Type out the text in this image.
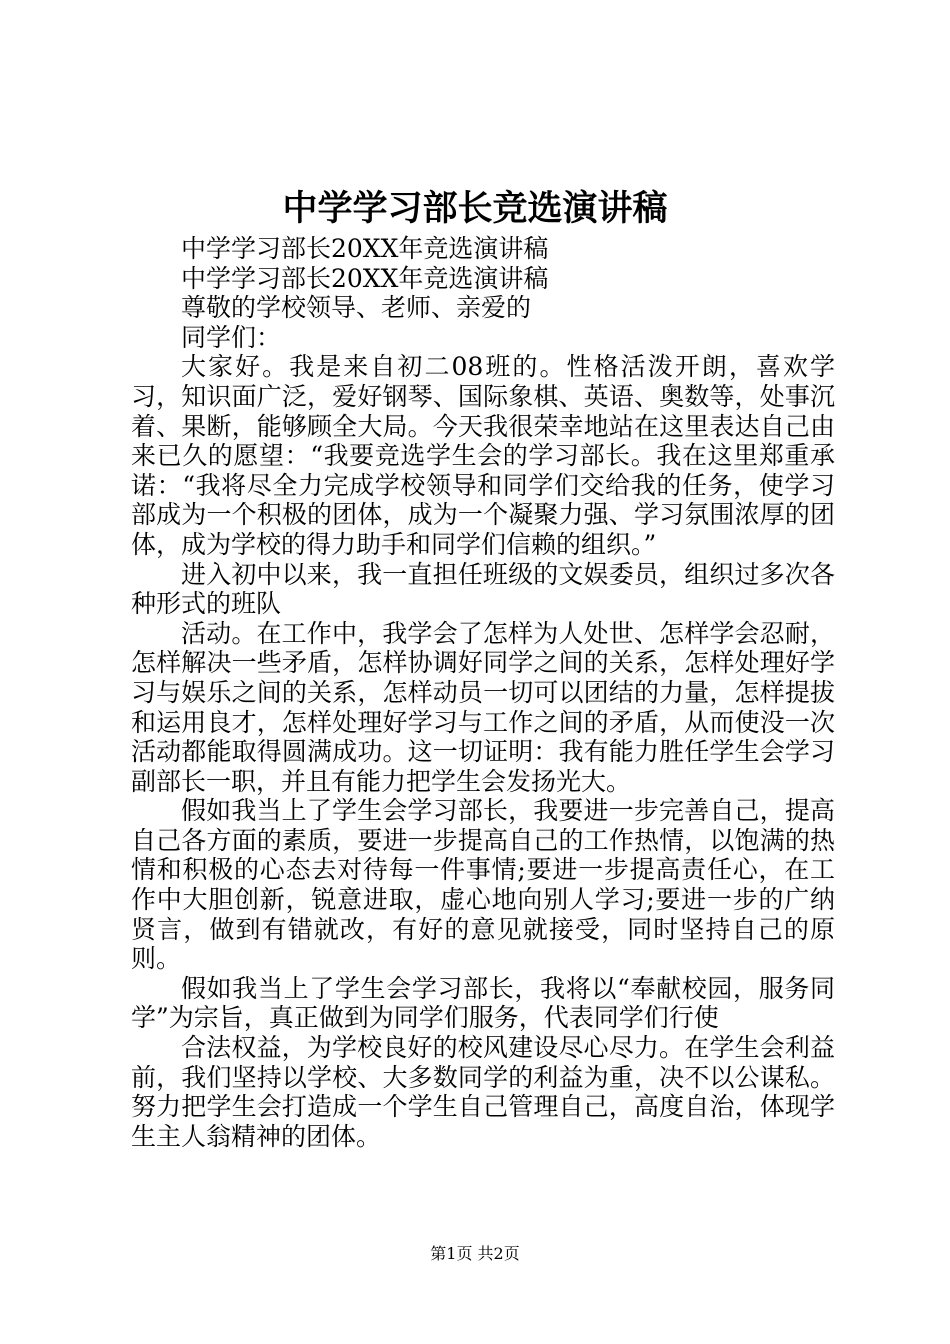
中学学习部长竞选演讲稿

中学学习部长20XX年竞选演讲稿

中学学习部长20XX年竞选演讲稿

尊敬的学校领导、老师、亲爱的

同学们：

大家好。我是来自初二08班的。性格活泼开朗，喜欢学习，知识面广泛，爱好钢琴、国际象棋、英语、奥数等，处事沉着、果断，能够顾全大局。今天我很荣幸地站在这里表达自己由来已久的愿望：“我要竞选学生会的学习部长。我在这里郑重承诺：“我将尽全力完成学校领导和同学们交给我的任务，使学习部成为一个积极的团体，成为一个凝聚力强、学习氛围浓厚的团体，成为学校的得力助手和同学们信赖的组织。”

进入初中以来，我一直担任班级的文娱委员，组织过多次各种形式的班队

活动。在工作中，我学会了怎样为人处世、怎样学会忍耐，怎样解决一些矛盾，怎样协调好同学之间的关系，怎样处理好学习与娱乐之间的关系，怎样动员一切可以团结的力量，怎样提拔和运用良才，怎样处理好学习与工作之间的矛盾，从而使没一次活动都能取得圆满成功。这一切证明：我有能力胜任学生会学习副部长一职，并且有能力把学生会发扬光大。

假如我当上了学生会学习部长，我要进一步完善自己，提高自己各方面的素质，要进一步提高自己的工作热情，以饱满的热情和积极的心态去对待每一件事情;要进一步提高责任心，在工作中大胆创新，锐意进取，虚心地向别人学习;要进一步的广纳贤言，做到有错就改，有好的意见就接受，同时坚持自己的原则。

假如我当上了学生会学习部长，我将以“奉献校园，服务同学”为宗旨，真正做到为同学们服务，代表同学们行使

合法权益，为学校良好的校风建设尽心尽力。在学生会利益前，我们坚持以学校、大多数同学的利益为重，决不以公谋私。努力把学生会打造成一个学生自己管理自己，高度自治，体现学生主人翁精神的团体。

第1页 共2页
